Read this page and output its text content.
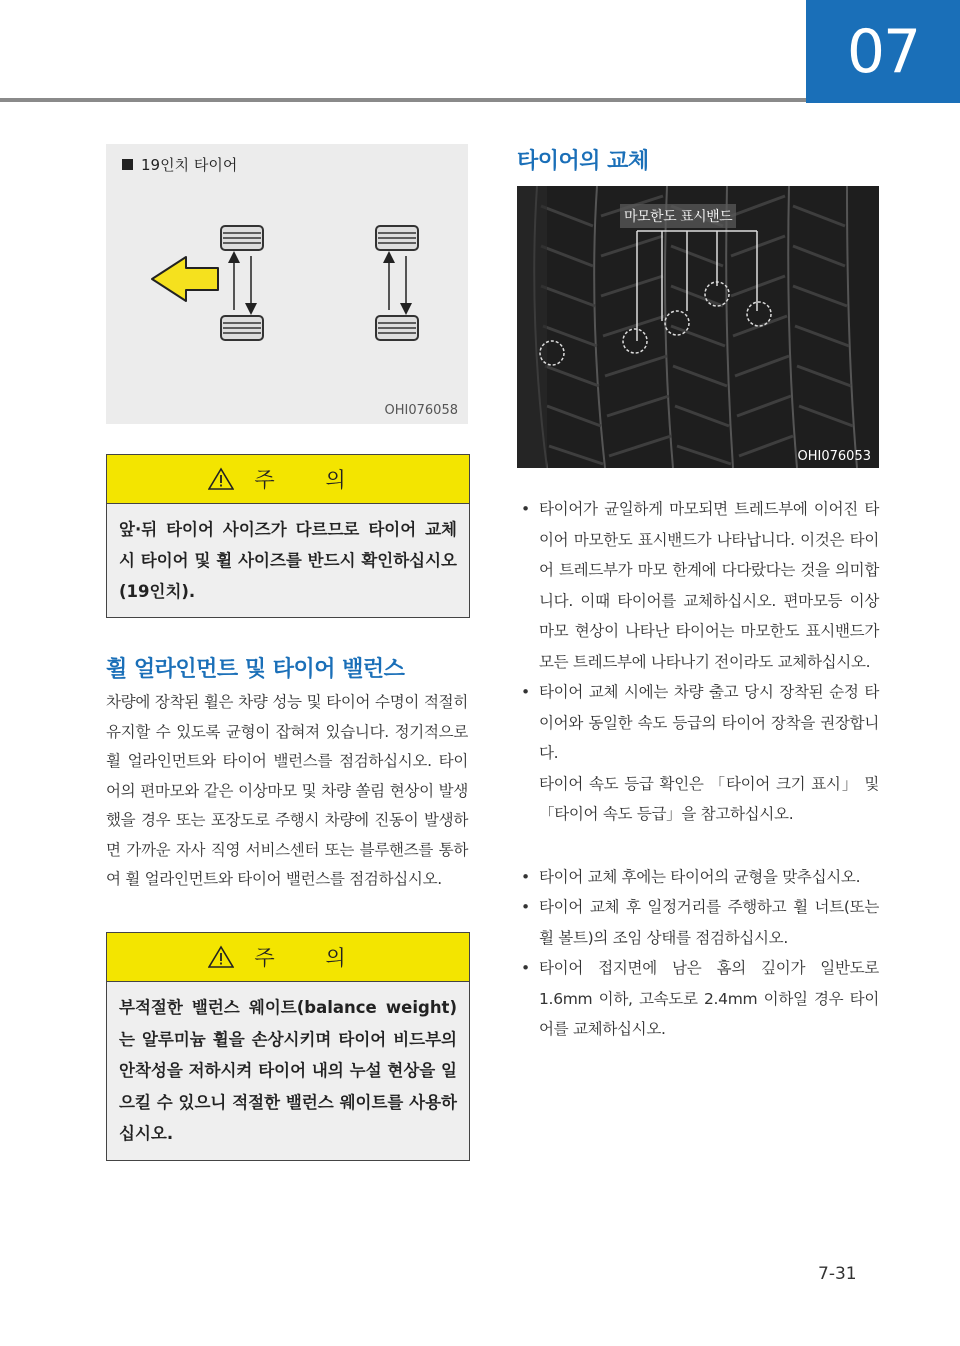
07
19인치 타이어
OHI076058
주 의
앞·뒤 타이어 사이즈가 다르므로 타이어 교체 시 타이어 및 휠 사이즈를 반드시 확인하십시오(19인치).
휠 얼라인먼트 및 타이어 밸런스
차량에 장착된 휠은 차량 성능 및 타이어 수명이 적절히 유지할 수 있도록 균형이 잡혀져 있습니다. 정기적으로 휠 얼라인먼트와 타이어 밸런스를 점검하십시오. 타이어의 편마모와 같은 이상마모 및 차량 쏠림 현상이 발생했을 경우 또는 포장도로 주행시 차량에 진동이 발생하면 가까운 자사 직영 서비스센터 또는 블루핸즈를 통하여 휠 얼라인먼트와 타이어 밸런스를 점검하십시오.
주 의
부적절한 밸런스 웨이트(balance weight)는 알루미늄 휠을 손상시키며 타이어 비드부의 안착성을 저하시켜 타이어 내의 누설 현상을 일으킬 수 있으니 적절한 밸런스 웨이트를 사용하십시오.
타이어의 교체
마모한도 표시밴드
OHI076053
• 타이어가 균일하게 마모되면 트레드부에 이어진 타이어 마모한도 표시밴드가 나타납니다. 이것은 타이어 트레드부가 마모 한계에 다다랐다는 것을 의미합니다. 이때 타이어를 교체하십시오. 편마모등 이상마모 현상이 나타난 타이어는 마모한도 표시밴드가 모든 트레드부에 나타나기 전이라도 교체하십시오.
• 타이어 교체 시에는 차량 출고 당시 장착된 순정 타이어와 동일한 속도 등급의 타이어 장착을 권장합니다.
타이어 속도 등급 확인은 「타이어 크기 표시」 및 「타이어 속도 등급」을 참고하십시오.
• 타이어 교체 후에는 타이어의 균형을 맞추십시오.
• 타이어 교체 후 일정거리를 주행하고 휠 너트(또는 휠 볼트)의 조임 상태를 점검하십시오.
• 타이어 접지면에 남은 홈의 깊이가 일반도로 1.6mm 이하, 고속도로 2.4mm 이하일 경우 타이어를 교체하십시오.
7-31
